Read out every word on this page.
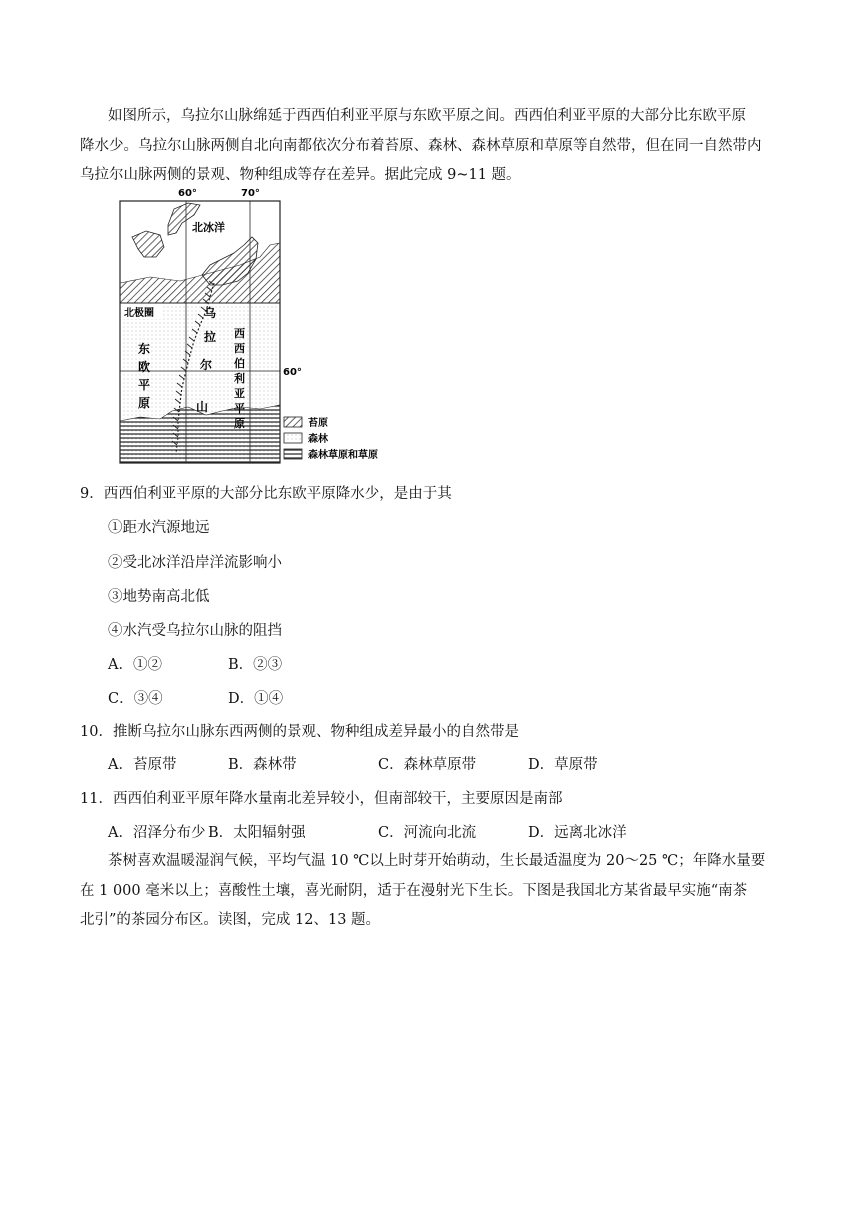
如图所示，乌拉尔山脉绵延于西西伯利亚平原与东欧平原之间。西西伯利亚平原的大部分比东欧平原
降水少。乌拉尔山脉两侧自北向南都依次分布着苔原、森林、森林草原和草原等自然带，但在同一自然带内
乌拉尔山脉两侧的景观、物种组成等存在差异。据此完成 9~11 题。
60°	70°
60°
北冰洋
北极圈
东
欧
平
原
乌
拉
尔
山
西
西
伯
利
亚
平
原	苔原
森林
森林草原和草原
9．西西伯利亚平原的大部分比东欧平原降水少，是由于其
①距水汽源地远
②受北冰洋沿岸洋流影响小
③地势南高北低
④水汽受乌拉尔山脉的阻挡
A．①②	B．②③
C．③④	D．①④
10．推断乌拉尔山脉东西两侧的景观、物种组成差异最小的自然带是
A．苔原带	B．森林带	C．森林草原带	D．草原带
11．西西伯利亚平原年降水量南北差异较小，但南部较干，主要原因是南部
A．沼泽分布少 B．太阳辐射强	C．河流向北流	D．远离北冰洋
茶树喜欢温暖湿润气候，平均气温 10 ℃以上时芽开始萌动，生长最适温度为 20～25 ℃；年降水量要
在 1 000 毫米以上；喜酸性土壤，喜光耐阴，适于在漫射光下生长。下图是我国北方某省最早实施“南茶
北引”的茶园分布区。读图，完成 12、13 题。
